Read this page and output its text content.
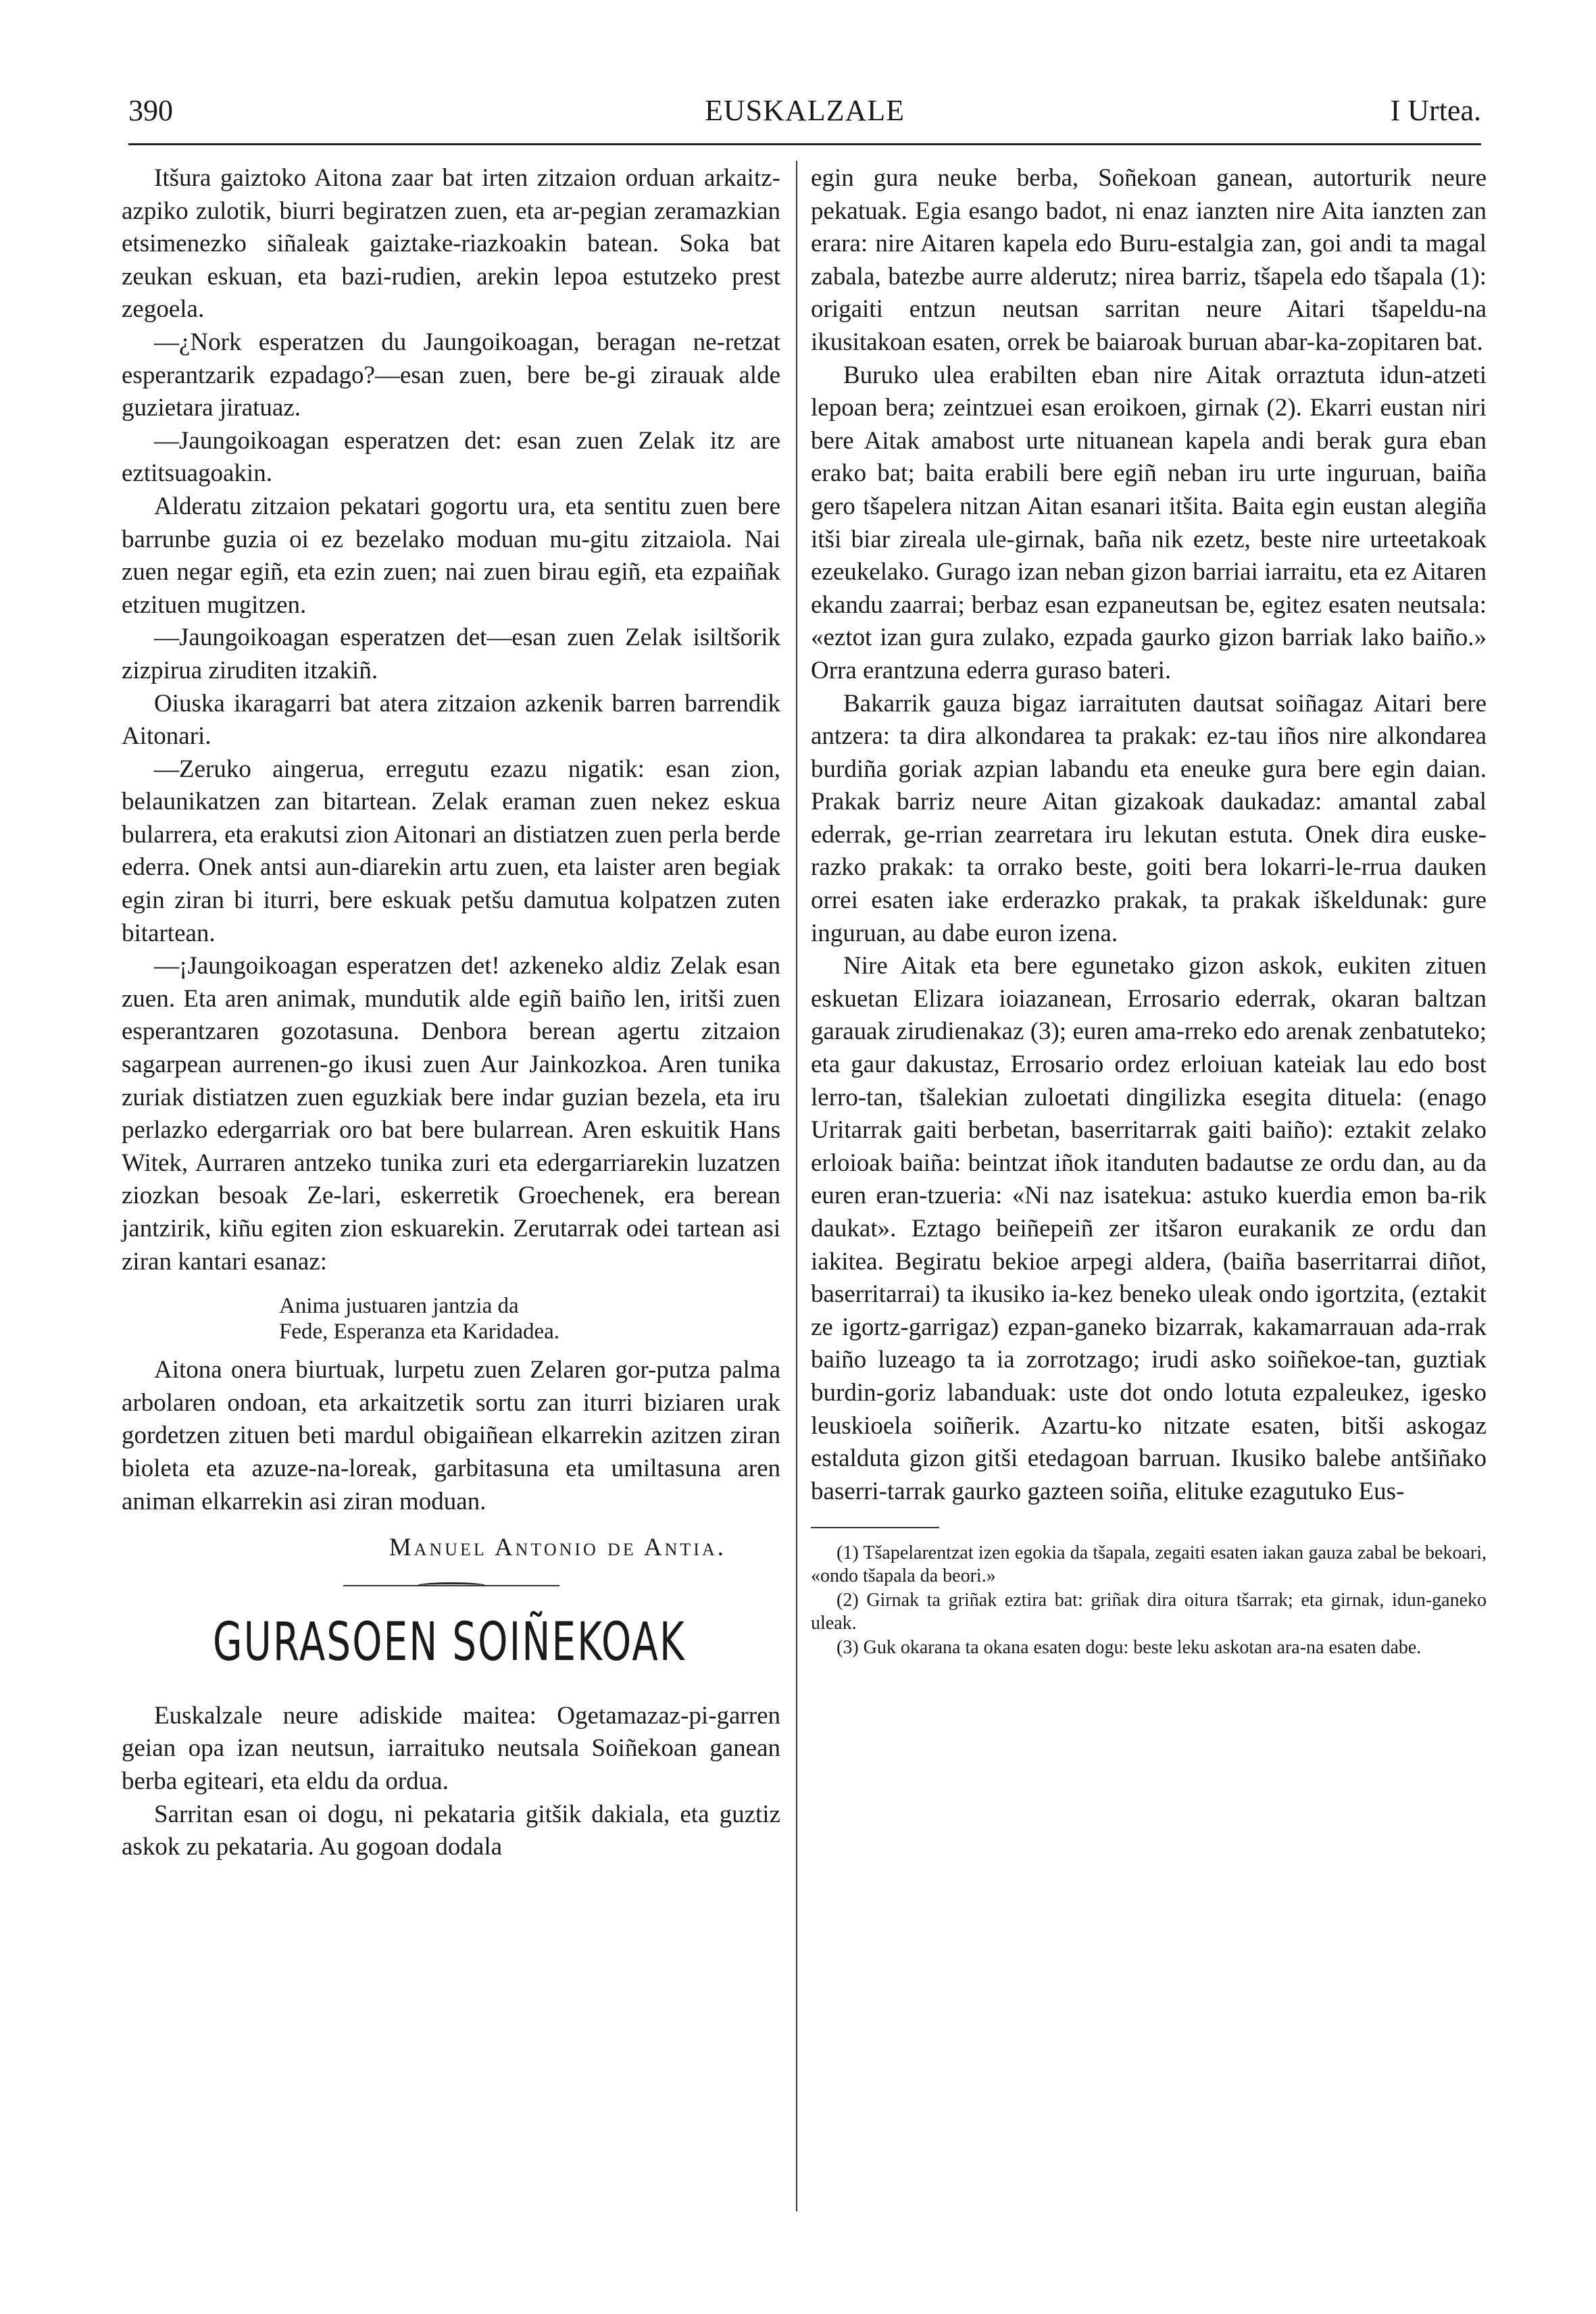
390	EUSKALZALE	I Urtea.

Itšura gaiztoko Aitona zaar bat irten zitzaion orduan arkaitz-azpiko zulotik, biurri begiratzen zuen, eta ar-pegian zeramazkian etsimenezko siñaleak gaiztake-riazkoakin batean. Soka bat zeukan eskuan, eta bazi-rudien, arekin lepoa estutzeko prest zegoela.

—¿Nork esperatzen du Jaungoikoagan, beragan ne-retzat esperantzarik ezpadago?—esan zuen, bere be-gi zirauak alde guzietara jiratuaz.

—Jaungoikoagan esperatzen det: esan zuen Zelak itz are eztitsuagoakin.

Alderatu zitzaion pekatari gogortu ura, eta sentitu zuen bere barrunbe guzia oi ez bezelako moduan mu-gitu zitzaiola. Nai zuen negar egiñ, eta ezin zuen; nai zuen birau egiñ, eta ezpaiñak etzituen mugitzen.

—Jaungoikoagan esperatzen det—esan zuen Zelak isiltšorik zizpirua ziruditen itzakiñ.

Oiuska ikaragarri bat atera zitzaion azkenik barren barrendik Aitonari.

—Zeruko aingerua, erregutu ezazu nigatik: esan zion, belaunikatzen zan bitartean. Zelak eraman zuen nekez eskua bularrera, eta erakutsi zion Aitonari an distiatzen zuen perla berde ederra. Onek antsi aun-diarekin artu zuen, eta laister aren begiak egin ziran bi iturri, bere eskuak petšu damutua kolpatzen zuten bitartean.

—¡Jaungoikoagan esperatzen det! azkeneko aldiz Zelak esan zuen. Eta aren animak, mundutik alde egiñ baiño len, iritši zuen esperantzaren gozotasuna. Denbora berean agertu zitzaion sagarpean aurrenen-go ikusi zuen Aur Jainkozkoa. Aren tunika zuriak distiatzen zuen eguzkiak bere indar guzian bezela, eta iru perlazko edergarriak oro bat bere bularrean. Aren eskuitik Hans Witek, Aurraren antzeko tunika zuri eta edergarriarekin luzatzen ziozkan besoak Ze-lari, eskerretik Groechenek, era berean jantzirik, kiñu egiten zion eskuarekin. Zerutarrak odei tartean asi ziran kantari esanaz:

Anima justuaren jantzia da
Fede, Esperanza eta Karidadea.

Aitona onera biurtuak, lurpetu zuen Zelaren gor-putza palma arbolaren ondoan, eta arkaitzetik sortu zan iturri biziaren urak gordetzen zituen beti mardul obigaiñean elkarrekin azitzen ziran bioleta eta azuze-na-loreak, garbitasuna eta umiltasuna aren animan elkarrekin asi ziran moduan.

Manuel Antonio de Antia.
GURASOEN SOIÑEKOAK

Euskalzale neure adiskide maitea: Ogetamazaz-pi-garren geian opa izan neutsun, iarraituko neutsala Soiñekoan ganean berba egiteari, eta eldu da ordua.

Sarritan esan oi dogu, ni pekataria gitšik dakiala, eta guztiz askok zu pekataria. Au gogoan dodala

egin gura neuke berba, Soñekoan ganean, autorturik neure pekatuak. Egia esango badot, ni enaz ianzten nire Aita ianzten zan erara: nire Aitaren kapela edo Buru-estalgia zan, goi andi ta magal zabala, batezbe aurre alderutz; nirea barriz, tšapela edo tšapala (1): origaiti entzun neutsan sarritan neure Aitari tšapeldu-na ikusitakoan esaten, orrek be baiaroak buruan abar-ka-zopitaren bat.

Buruko ulea erabilten eban nire Aitak orraztuta idun-atzeti lepoan bera; zeintzuei esan eroikoen, girnak (2). Ekarri eustan niri bere Aitak amabost urte nituanean kapela andi berak gura eban erako bat; baita erabili bere egiñ neban iru urte inguruan, baiña gero tšapelera nitzan Aitan esanari itšita. Baita egin eustan alegiña itši biar zireala ule-girnak, baña nik ezetz, beste nire urteetakoak ezeukelako. Gurago izan neban gizon barriai iarraitu, eta ez Aitaren ekandu zaarrai; berbaz esan ezpaneutsan be, egitez esaten neutsala: «eztot izan gura zulako, ezpada gaurko gizon barriak lako baiño.» Orra erantzuna ederra guraso bateri.

Bakarrik gauza bigaz iarraituten dautsat soiñagaz Aitari bere antzera: ta dira alkondarea ta prakak: ez-tau iños nire alkondarea burdiña goriak azpian labandu eta eneuke gura bere egin daian. Prakak barriz neure Aitan gizakoak daukadaz: amantal zabal ederrak, ge-rrian zearretara iru lekutan estuta. Onek dira euske-razko prakak: ta orrako beste, goiti bera lokarri-le-rrua dauken orrei esaten iake erderazko prakak, ta prakak iškeldunak: gure inguruan, au dabe euron izena.

Nire Aitak eta bere egunetako gizon askok, eukiten zituen eskuetan Elizara ioiazanean, Errosario ederrak, okaran baltzan garauak zirudienakaz (3); euren ama-rreko edo arenak zenbatuteko; eta gaur dakustaz, Errosario ordez erloiuan kateiak lau edo bost lerro-tan, tšalekian zuloetati dingilizka esegita dituela: (enago Uritarrak gaiti berbetan, baserritarrak gaiti baiño): eztakit zelako erloioak baiña: beintzat iñok itanduten badautse ze ordu dan, au da euren eran-tzueria: «Ni naz isatekua: astuko kuerdia emon ba-rik daukat». Eztago beiñepeiñ zer itšaron eurakanik ze ordu dan iakitea. Begiratu bekioe arpegi aldera, (baiña baserritarrai diñot, baserritarrai) ta ikusiko ia-kez beneko uleak ondo igortzita, (eztakit ze igortz-garrigaz) ezpan-ganeko bizarrak, kakamarrauan ada-rrak baiño luzeago ta ia zorrotzago; irudi asko soiñekoe-tan, guztiak burdin-goriz labanduak: uste dot ondo lotuta ezpaleukez, igesko leuskioela soiñerik. Azartu-ko nitzate esaten, bitši askogaz estalduta gizon gitši etedagoan barruan. Ikusiko balebe antšiñako baserri-tarrak gaurko gazteen soiña, elituke ezagutuko Eus-

(1) Tšapelarentzat izen egokia da tšapala, zegaiti esaten iakan gauza zabal be bekoari, «ondo tšapala da beori.»

(2) Girnak ta griñak eztira bat: griñak dira oitura tšarrak; eta girnak, idun-ganeko uleak.

(3) Guk okarana ta okana esaten dogu: beste leku askotan ara-na esaten dabe.
